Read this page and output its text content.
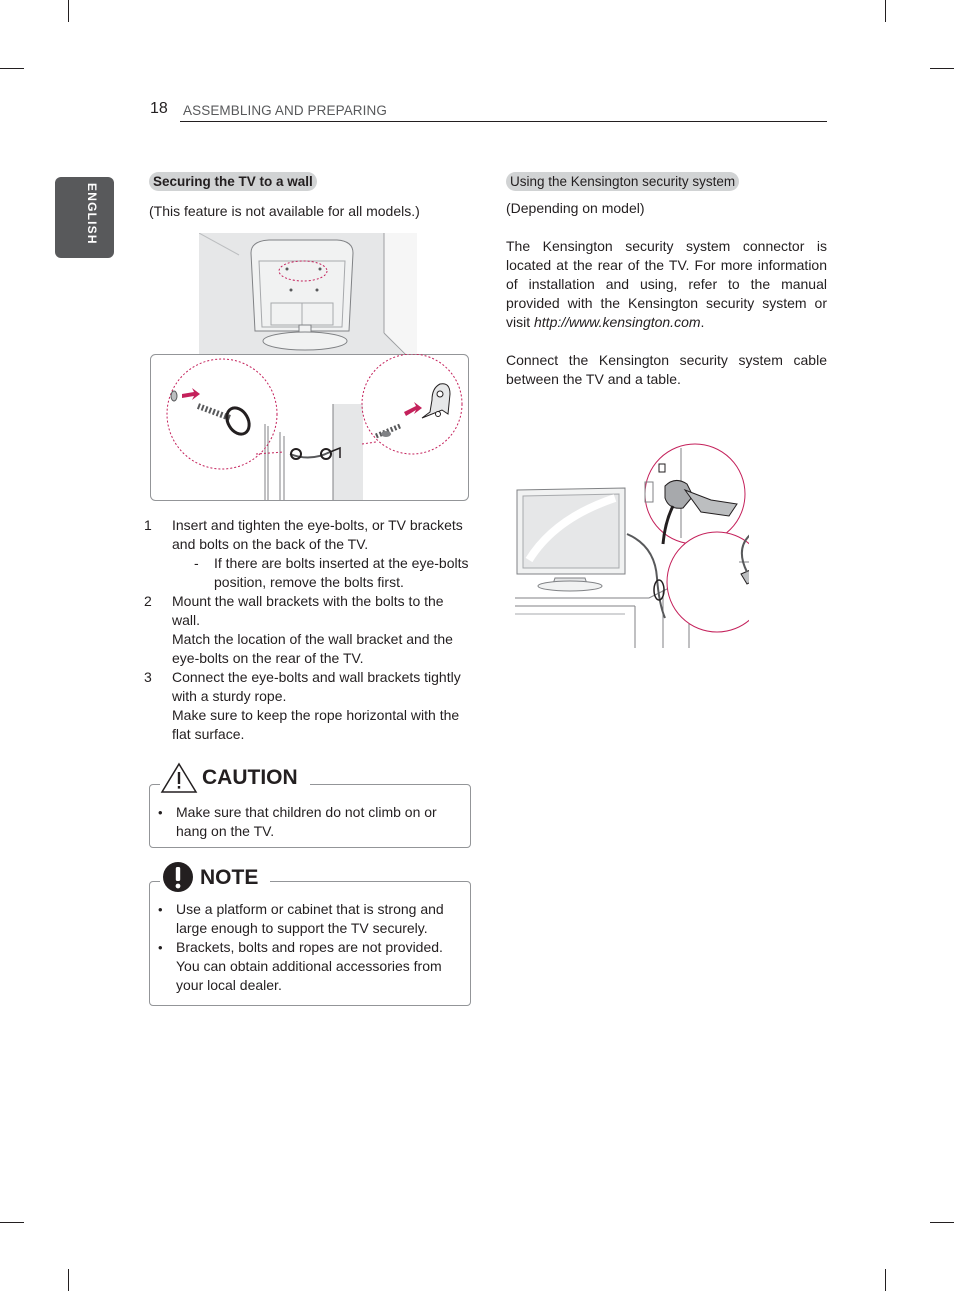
18 ASSEMBLING AND PREPARING
ENGLISH
Securing the TV to a wall
(This feature is not available for all models.)
1	Insert and tighten the eye-bolts, or TV brackets and bolts on the back of the TV.
-	If there are bolts inserted at the eye-bolts position, remove the bolts first.
2	Mount the wall brackets with the bolts to the wall.
Match the location of the wall bracket and the eye-bolts on the rear of the TV.
3	Connect the eye-bolts and wall brackets tightly with a sturdy rope.
Make sure to keep the rope horizontal with the flat surface.
CAUTION
• Make sure that children do not climb on or hang on the TV.
NOTE
• Use a platform or cabinet that is strong and large enough to support the TV securely.
• Brackets, bolts and ropes are not provided. You can obtain additional accessories from your local dealer.
Using the Kensington security system
(Depending on model)
The Kensington security system connector is located at the rear of the TV. For more information of installation and using, refer to the manual provided with the Kensington security system or visit http://www.kensington.com.
Connect the Kensington security system cable between the TV and a table.
